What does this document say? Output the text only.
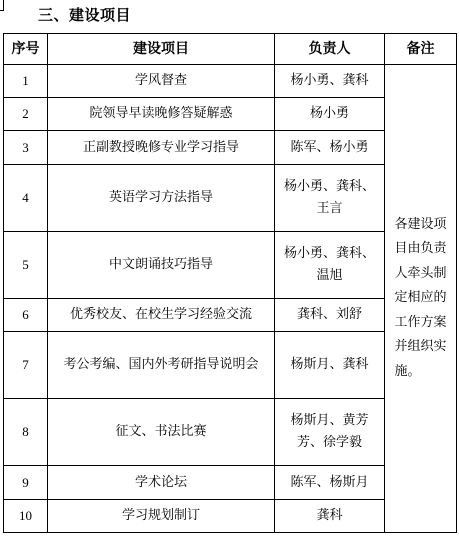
三、建设项目
序号	建设项目	负责人	备注
1	学风督查	杨小勇、龚科	各建设项目由负责人牵头制定相应的工作方案并组织实施。

2	院领导早读晚修答疑解惑	杨小勇	
3	正副教授晚修专业学习指导	陈军、杨小勇	
4	英语学习方法指导	杨小勇、龚科、王言	
5	中文朗诵技巧指导	杨小勇、龚科、温旭	
6	优秀校友、在校生学习经验交流	龚科、刘舒	
7	考公考编、国内外考研指导说明会	杨斯月、龚科	
8	征文、书法比赛	杨斯月、黄芳芳、徐学毅	
9	学术论坛	陈军、杨斯月	
10	学习规划制订	龚科	
